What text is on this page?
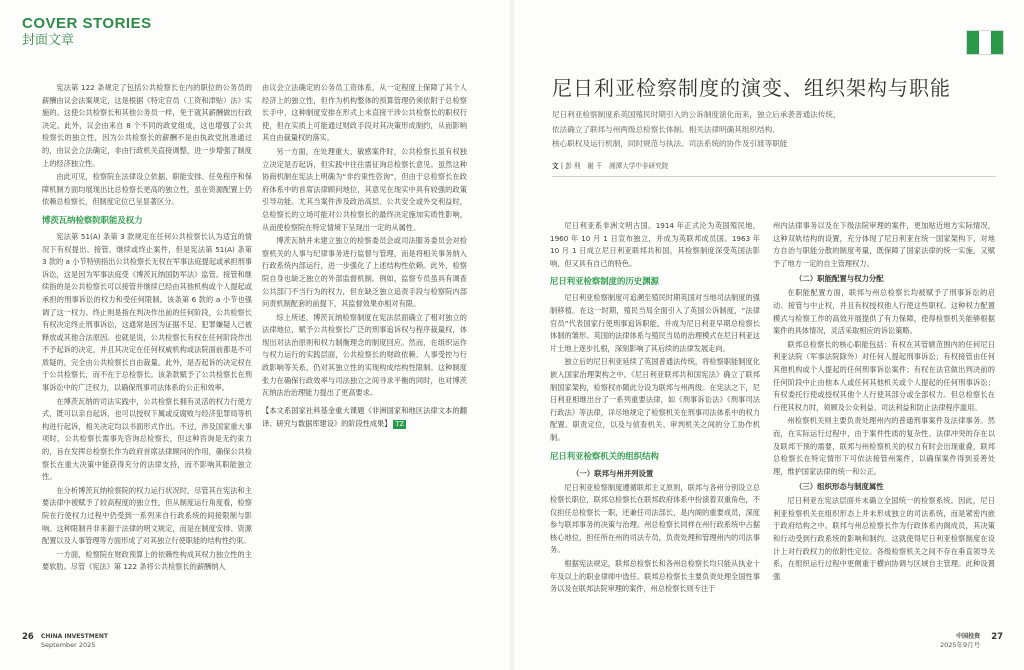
COVER STORIES
封面文章

宪法第 122 条规定了包括公共检察长在内的职位的公务员的薪酬由议会法案规定，这是根据《特定官员（工资和津贴）法》实施的。这使公共检察长和其他公务员一样，免于就其薪酬做出行政决定。此外，议会由来自 8 个不同的政党组成，这也增强了公共检察长的独立性，因为公共检察长的薪酬不是由执政党批准通过的，由议会立法确定，非由行政机关直接调整，进一步增强了制度上的经济独立性。

由此可见，检察院在法律设立依据、职能安排、任免程序和保障机制方面均展现出比总检察长更高的独立性，虽在资源配置上仍依赖总检察长，但制度定位已呈显著区分。

博茨瓦纳检察院职能及权力

宪法第 51(A) 条第 3 款规定在任何公共检察长认为适宜的情况下有权提出、接管、继续或终止案件，但是宪法第 51(A) 条第 3 款的 a 小节特别指出公共检察长无权在军事法庭提起或承担刑事诉讼，这是因为军事法庭受《博茨瓦纳国防军法》监管。接管和继续指的是公共检察长可以接管并继续已经由其他机构或个人提起或承担的刑事诉讼的权力和受任何限制。该条第 6 款的 a 小节也强调了这一权力。终止则是指在判决作出前的任何阶段，公共检察长有权决定终止刑事诉讼，这通常是因为证据不足、犯罪嫌疑人已被释放或其他合法原因。也就是说，公共检察长有权在任何阶段作出不予起诉的决定，并且其决定在任何权威机构或法院面前都是不可质疑的，完全由公共检察长自由裁量。此外，是否起诉的决定权在于公共检察长，而不在于总检察长。该条款赋予了公共检察长在刑事诉讼中的广泛权力，以确保刑事司法体系的公正和效率。

在博茨瓦纳的司法实践中，公共检察长拥有灵活的权力行使方式，既可以亲自起诉，也可以授权下属或反腐败与经济犯罪局等机构进行起诉，相关决定均以书面形式作出。不过，涉及国家重大事项时，公共检察长需事先咨询总检察长，但这种咨询是无约束力的，旨在发挥总检察长作为政府首席法律顾问的作用，确保公共检察长在重大决策中能获得充分的法律支持，而不影响其职能独立性。

在分析博茨瓦纳检察院的权力运行状况时，尽管其在宪法和主要法律中被赋予了较高程度的独立性，但从制度运行角度看，检察院在行使权力过程中仍受到一系列来自行政系统的间接限制与影响。这种限制并非来源于法律的明文规定，而是在制度安排、资源配置以及人事管理等方面形成了对其独立行使职能的结构性约束。

一方面，检察院在财政预算上的依赖性构成其权力独立性的主要软肋。尽管《宪法》第 122 条将公共检察长的薪酬纳入

由议会立法确定的公务员工资体系，从一定程度上保障了其个人经济上的独立性，但作为机构整体的预算管理仍须依附于总检察长手中，这种制度安排在形式上未直接干涉公共检察长的职权行使，但在实质上可能通过财政手段对其决策形成制约，从而影响其自由裁量权的落实。

另一方面，在处理重大、敏感案件时，公共检察长虽有权独立决定是否起诉，但实践中往往需征询总检察长意见。虽然这种协商机制在宪法上明确为“非约束性咨询”，但由于总检察长在政府体系中的首席法律顾问地位，其意见在现实中具有较强的政策引导功能。尤其当案件涉及政治高层、公共安全或外交利益时，总检察长的立场可能对公共检察长的最终决定施加实质性影响，从而使检察院在特定情境下呈现出一定的从属性。

博茨瓦纳并未建立独立的检察委员会或司法服务委员会对检察机关的人事与纪律事务进行监督与管理，而是将相关事务纳入行政系统内部运行，进一步强化了上述结构性依赖。此外，检察院自身也缺乏独立的外部监督机制。例如，监察专员虽具有调查公共部门不当行为的权力，但在缺乏独立追责手段与检察院内部问责机制配套的前提下，其监督效果亦相对有限。

综上所述，博茨瓦纳检察制度在宪法层面确立了相对独立的法律地位，赋予公共检察长广泛的刑事追诉权与程序裁量权，体现出对法治原则和权力制衡理念的制度回应。然而，在组织运作与权力运行的实践层面，公共检察长的财政依赖、人事受控与行政影响等关系，仍对其独立性的实现构成结构性限制。这种制度张力在确保行政效率与司法独立之间寻求平衡的同时，也对博茨瓦纳法治治理能力提出了更高要求。

【本文系国家社科基金重大课题《非洲国家和地区法律文本的翻译、研究与数据库建设》的阶段性成果】 TZ

尼日利亚检察制度的演变、组织架构与职能
尼日利亚检察制度系英国殖民时期引入的公诉制度演化而来，独立后承袭普通法传统，
依法确立了联邦与州两级总检察长体制。相关法律明确其组织结构、
核心职权及运行机制，同时规范与执法、司法系统的协作及引渡等职能
文｜彭 利　谢 千　湘潭大学中非研究院

尼日利亚系非洲文明古国。1914 年正式沦为英国殖民地，1960 年 10 月 1 日宣布独立，并成为英联邦成员国。1963 年 10 月 1 日成立尼日利亚联邦共和国，其检察制度深受英国法影响，但又具有自己的特色。

尼日利亚检察制度的历史渊源

尼日利亚检察制度可追溯至殖民时期英国对当地司法制度的强制移植。在这一时期，殖民当局全面引入了英国公诉制度，“法律官员”代表国家行使刑事追诉职能，并成为尼日利亚早期总检察长体制的雏形。英国的法律体系与殖民当局的治理模式在尼日利亚这片土地上逐步扎根，深刻影响了其后续的法律发展走向。

独立后的尼日利亚延续了英国普通法传统，将检察职能制度化嵌入国家治理架构之中。《尼日利亚联邦共和国宪法》确立了联邦制国家架构，检察权亦随此分设为联邦与州两级。在宪法之下，尼日利亚相继出台了一系列重要法律，如《刑事诉讼法》《刑事司法行政法》等法律，详尽地规定了检察机关在刑事司法体系中的权力配置、职责定位，以及与侦查机关、审判机关之间的分工协作机制。

尼日利亚检察机关的组织结构
（一）联邦与州并列设置

尼日利亚检察制度遵循联邦主义原则，联邦与各州分别设立总检察长职位，联邦总检察长在联邦政府体系中扮演着双重角色，不仅担任总检察长一职，还兼任司法部长，是内阁的重要成员，深度参与联邦事务的决策与治理。州总检察长同样在州行政系统中占据核心地位，担任所在州的司法专员，负责处理和管理州内的司法事务。

根据宪法规定，联邦总检察长和各州总检察长均只能从执业十年及以上的职业律师中选任。联邦总检察长主要负责处理全国性事务以及在联邦法院审理的案件，州总检察长则专注于

州内法律事务以及在下级法院审理的案件，更加贴近地方实际情况，这种双轨结构的设置，充分体现了尼日利亚在统一国家架构下，对地方自治与职能分散的制度考量，既保障了国家法律的统一实施，又赋予了地方一定的自主管理权力。

（二）职能配置与权力分配

在职能配置方面，联邦与州总检察长均被赋予了刑事诉讼的启动、接管与中止权，并且有权授权他人行使这些职权。这种权力配置模式与检察工作的高效开展提供了有力保障，使得检察机关能够根据案件的具体情况，灵活采取相应的诉讼策略。

联邦总检察长的核心职能包括：有权在其管辖范围内的任何尼日利亚法院（军事法院除外）对任何人提起刑事诉讼；有权接管由任何其他机构或个人提起的任何刑事诉讼案件；有权在法官做出判决前的任何阶段中止由他本人或任何其他机关或个人提起的任何刑事诉讼；有权委托行使或授权其他个人行使其部分或全部权力。但总检察长在行使其权力时，须顾及公众利益、司法利益和防止法律程序滥用。

州检察机关则主要负责处理州内的普通刑事案件及法律事务。然而，在实际运行过程中，由于案件性质的复杂性、法律冲突的存在以及联邦干预的需要，联邦与州检察机关的权力有时会出现重叠，联邦总检察长在特定情形下可依法接管州案件，以确保案件得到妥善处理，维护国家法律的统一和公正。

（三）组织形态与制度属性

尼日利亚在宪法层面并未确立全国统一的检察系统。因此，尼日利亚检察机关在组织形态上并未形成独立的司法系统，而是紧密内嵌于政府结构之中。联邦与州总检察长作为行政体系内阁成员，其决策和行动受到行政系统的影响和制约。这就使得尼日利亚检察制度在设计上对行政权力的依附性定位。各级检察机关之间不存在垂直领导关系，在组织运行过程中更侧重于横向协调与区域自主管理。此种设置强

26 CHINA INVESTMENT
September 2025
中国投资
2025年9月号
27
